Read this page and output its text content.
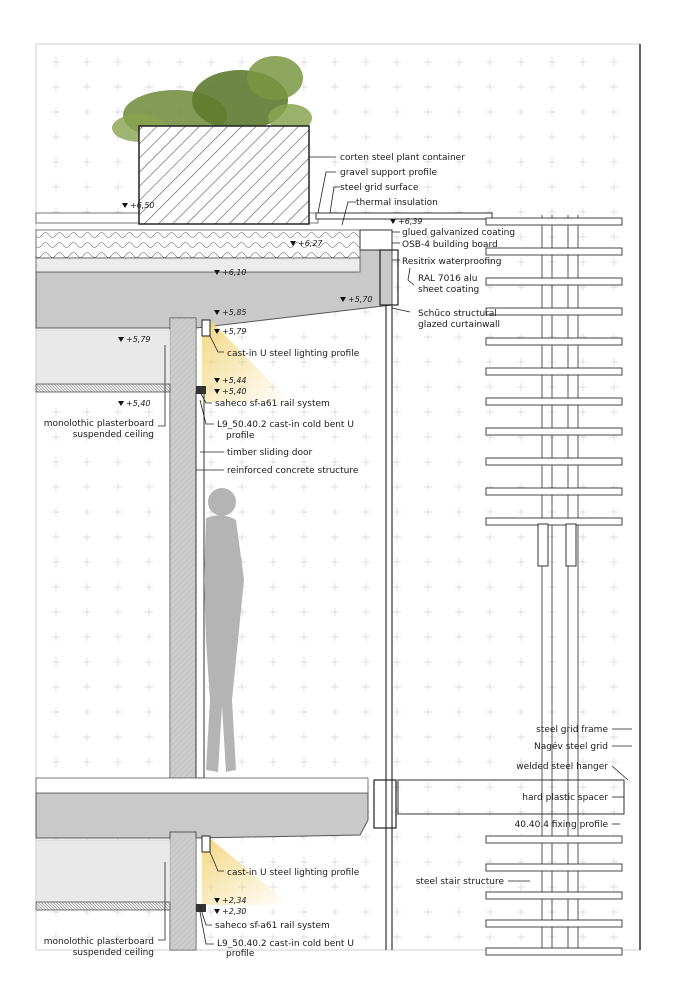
+6,50
+6,39
+6,27
+6,10
+5,85
+5,79
+5,79
+5,70
+5,44
+5,40
+5,40
+2,34
+2,30
corten steel plant container
gravel support profile
steel grid surface
thermal insulation
glued galvanized coating
OSB-4 building board
Resitrix waterproofing
RAL 7016 alu
sheet coating
Schüco structural
glazed curtainwall
cast-in U steel lighting profile
saheco sf-a61 rail system
L9_50.40.2 cast-in cold bent U
profile
timber sliding door
reinforced concrete structure
monolothic plasterboard
suspended ceiling
steel grid frame
Nagév steel grid
welded steel hanger
hard plastic spacer
40.40.4 fixing profile
steel stair structure
cast-in U steel lighting profile
saheco sf-a61 rail system
L9_50.40.2 cast-in cold bent U
profile
monolothic plasterboard
suspended ceiling
